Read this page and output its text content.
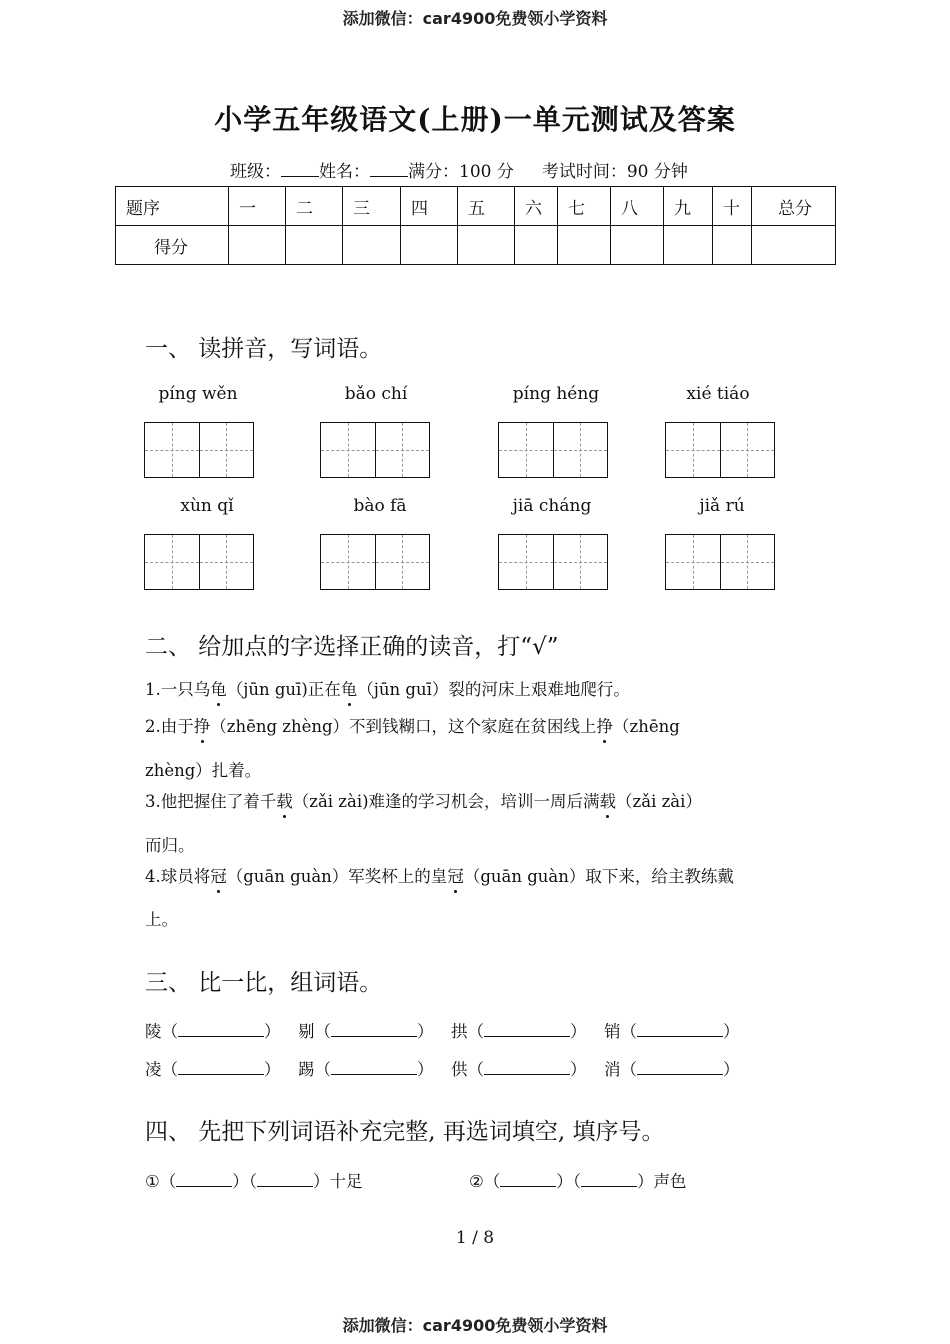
添加微信：car4900免费领小学资料
添加微信：car4900免费领小学资料
小学五年级语文(上册)一单元测试及答案
班级： 姓名： 满分：100 分 考试时间：90 分钟
题序	一	二	三	四	五	六	七	八	九	十	总分
得分											
一、 读拼音，写词语。
píng wěn	bǎo chí	píng héng	xié tiáo
xùn qǐ	bào fā	jiā cháng	jiǎ rú
二、 给加点的字选择正确的读音，打“√”
1.一只乌龟（jūn guī)正在龟（jūn guī）裂的河床上艰难地爬行。
2.由于挣（zhēng zhèng）不到钱糊口，这个家庭在贫困线上挣（zhēng
zhèng）扎着。
3.他把握住了着千载（zǎi zài)难逢的学习机会，培训一周后满载（zǎi zài）
而归。
4.球员将冠（guān guàn）军奖杯上的皇冠（guān guàn）取下来，给主教练戴
上。
三、 比一比，组词语。
陵（	） 剔（	） 拱（	） 销（	）
凌（	） 踢（	） 供（	） 消（	）
四、 先把下列词语补充完整, 再选词填空, 填序号。
①（	）（	）十足	②（	）（	）声色
1 / 8
